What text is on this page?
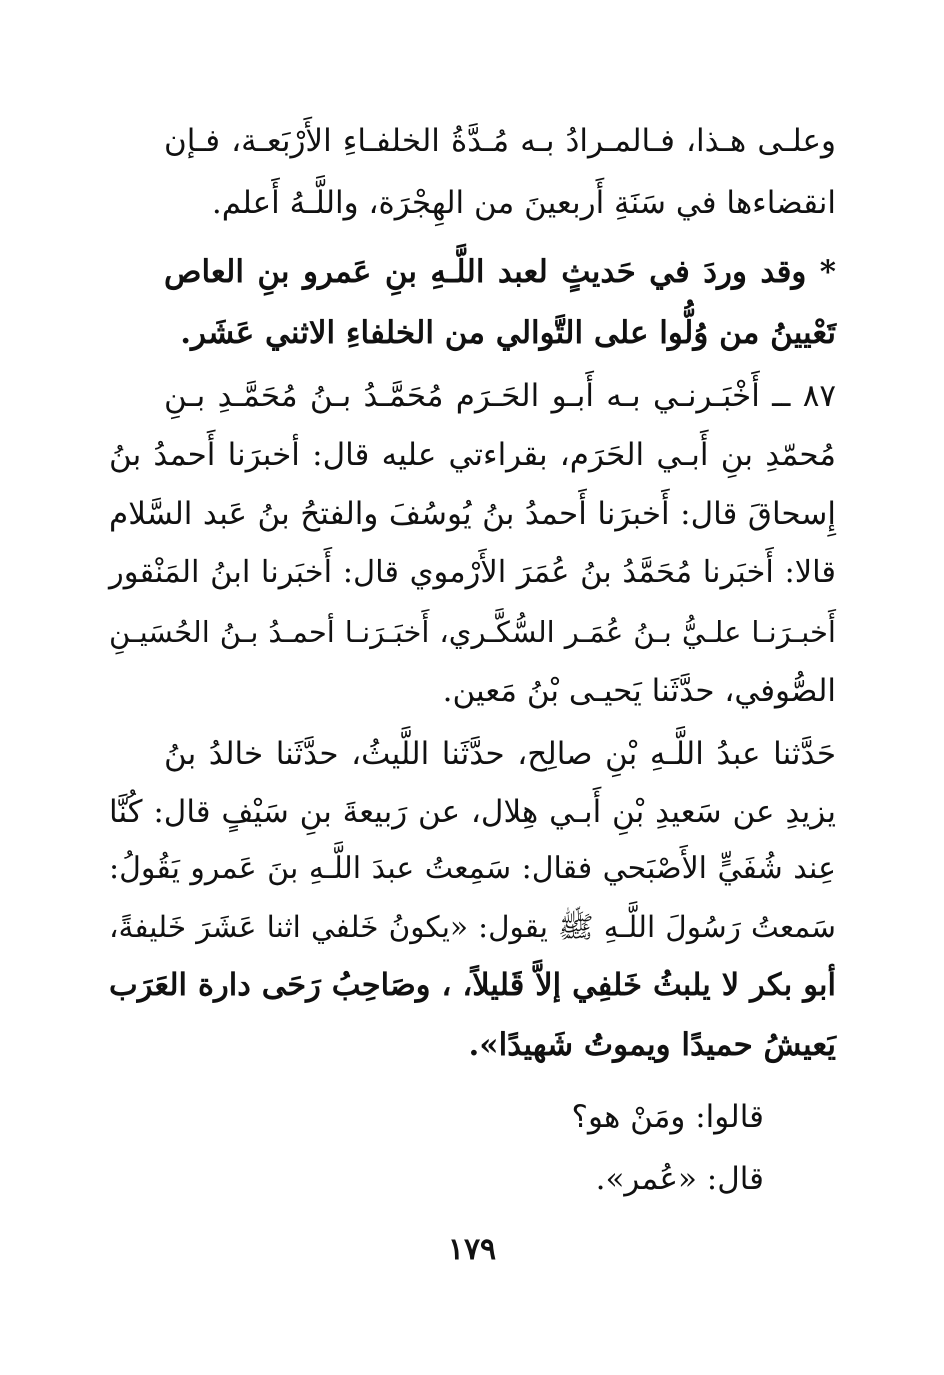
وعلـى هـذا، فـالمـرادُ بـه مُـدَّةُ الخلفـاءِ الأَرْبَعـة، فـإن
انقضاءها في سَنَةِ أَربعينَ من الهِجْرَة، واللَّـهُ أَعلم.
* وقد وردَ في حَديثٍ لعبد اللَّـهِ بنِ عَمرو بنِ العاص
تَعْيينُ من وُلُّوا على التَّوالي من الخلفاءِ الاثني عَشَر.
٨٧ ــ أَخْبَـرنـي بـه أَبـو الحَـرَم مُحَمَّـدُ بـنُ مُحَمَّـدِ بـنِ
مُحمّدِ بنِ أَبـي الحَرَم، بقراءتي عليه قال: أخبرَنا أَحمدُ بنُ
إِسحاقَ قال: أَخبرَنا أَحمدُ بنُ يُوسُفَ والفتحُ بنُ عَبد السَّلام
قالا: أَخبَرنا مُحَمَّدُ بنُ عُمَرَ الأَرْموي قال: أَخبَرنا ابنُ المَنْقور
أَخبـرَنـا علـيُّ بـنُ عُمَـر السُّكَّـري، أَخبَـرَنـا أحمـدُ بـنُ الحُسَيـنِ
الصُّوفي، حدَّثَنا يَحيـى بْنُ مَعين.
حَدَّثنا عبدُ اللَّـهِ بْنِ صالِح، حدَّثَنا اللَّيثُ، حدَّثَنا خالدُ بنُ
يزيدِ عن سَعيدِ بْنِ أَبـي هِلال، عن رَبيعةَ بنِ سَيْفٍ قال: كُنَّا
عِند شُفَيٍّ الأَصْبَحي فقال: سَمِعتُ عبدَ اللَّـهِ بنَ عَمرو يَقُولُ:
سَمعتُ رَسُولَ اللَّـهِ ﷺ يقول: «يكونُ خَلفي اثنا عَشَرَ خَليفةً،
أبو بكر لا يلبثُ خَلفِي إلاَّ قَليلاً، ، وصَاحِبُ رَحَى دارة العَرَب
يَعيشُ حميدًا ويموتُ شَهيدًا».
قالوا: ومَنْ هو؟
قال: «عُمر».
١٧٩
